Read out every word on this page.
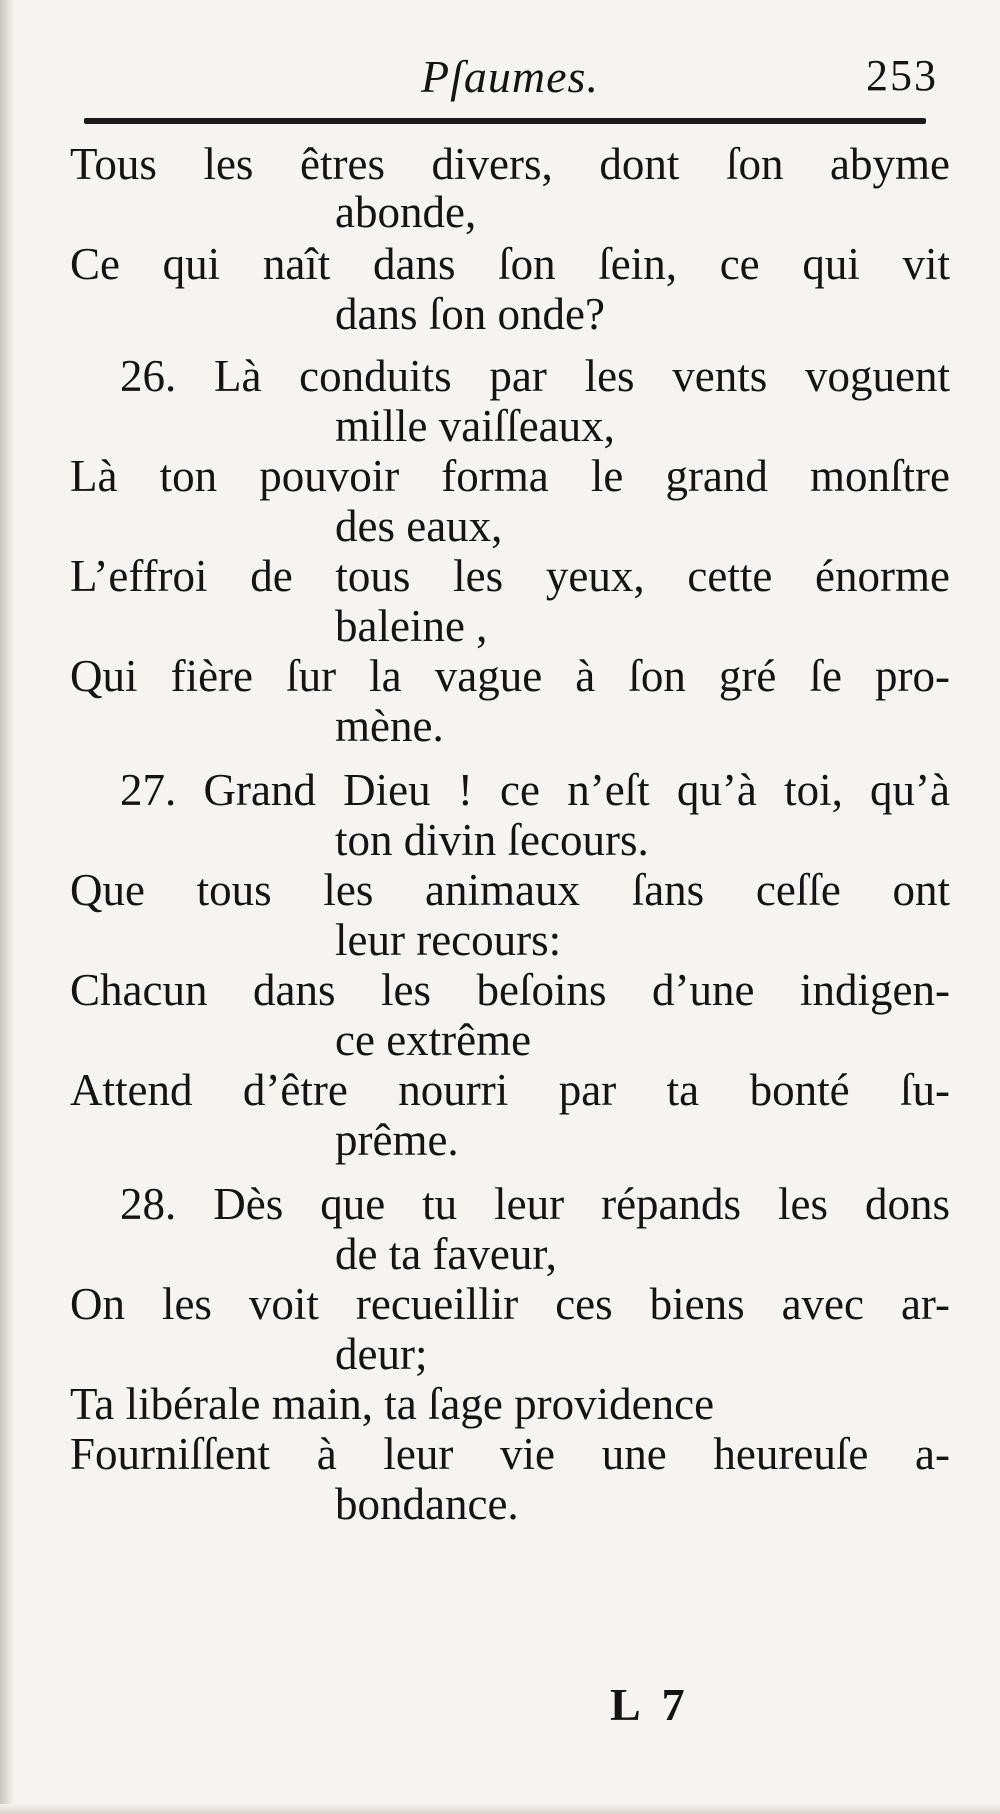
Pſaumes.	253
Tous les êtres divers, dont ſon abyme
abonde,
Ce qui naît dans ſon ſein, ce qui vit
dans ſon onde?
26. Là conduits par les vents voguent
mille vaiſſeaux,
Là ton pouvoir forma le grand monſtre
des eaux,
L’effroi de tous les yeux, cette énorme
baleine ,
Qui fière ſur la vague à ſon gré ſe pro-
mène.
27. Grand Dieu ! ce n’eſt qu’à toi, qu’à
ton divin ſecours.
Que tous les animaux ſans ceſſe ont
leur recours:
Chacun dans les beſoins d’une indigen-
ce extrême
Attend d’être nourri par ta bonté ſu-
prême.
28. Dès que tu leur répands les dons
de ta faveur,
On les voit recueillir ces biens avec ar-
deur;
Ta libérale main, ta ſage providence
Fourniſſent à leur vie une heureuſe a-
bondance.
L 7
